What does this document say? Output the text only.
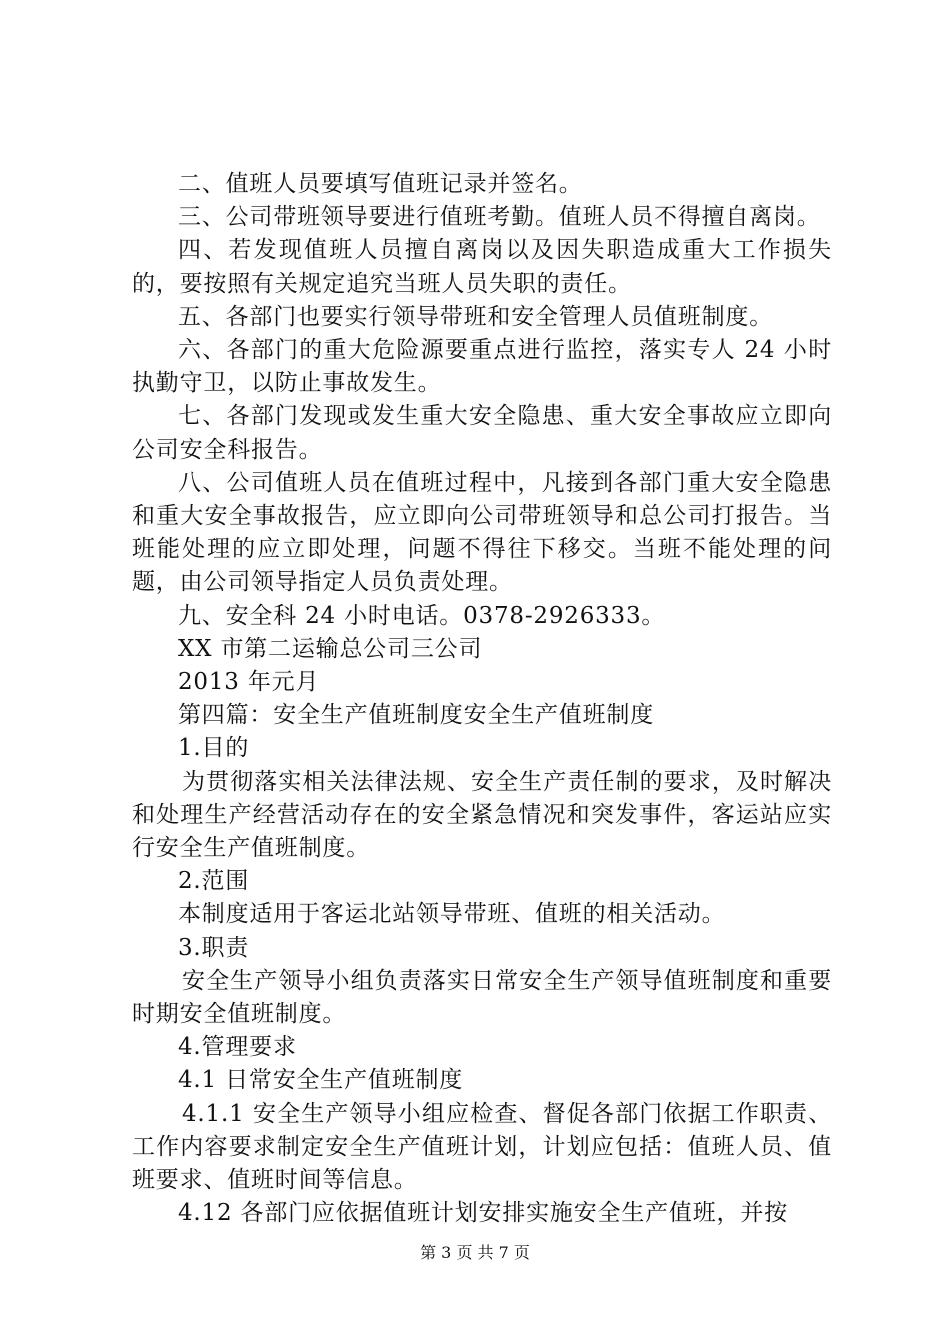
二、值班人员要填写值班记录并签名。

三、公司带班领导要进行值班考勤。值班人员不得擅自离岗。

四、若发现值班人员擅自离岗以及因失职造成重大工作损失的，要按照有关规定追究当班人员失职的责任。

五、各部门也要实行领导带班和安全管理人员值班制度。

六、各部门的重大危险源要重点进行监控，落实专人 24 小时执勤守卫，以防止事故发生。

七、各部门发现或发生重大安全隐患、重大安全事故应立即向公司安全科报告。

八、公司值班人员在值班过程中，凡接到各部门重大安全隐患和重大安全事故报告，应立即向公司带班领导和总公司打报告。当班能处理的应立即处理，问题不得往下移交。当班不能处理的问题，由公司领导指定人员负责处理。

九、安全科 24 小时电话。0378-2926333。

XX 市第二运输总公司三公司

2013 年元月

第四篇：安全生产值班制度安全生产值班制度

1.目的

为贯彻落实相关法律法规、安全生产责任制的要求，及时解决和处理生产经营活动存在的安全紧急情况和突发事件，客运站应实行安全生产值班制度。

2.范围

本制度适用于客运北站领导带班、值班的相关活动。

3.职责

安全生产领导小组负责落实日常安全生产领导值班制度和重要时期安全值班制度。

4.管理要求

4.1 日常安全生产值班制度

4.1.1 安全生产领导小组应检查、督促各部门依据工作职责、工作内容要求制定安全生产值班计划，计划应包括：值班人员、值班要求、值班时间等信息。

4.12 各部门应依据值班计划安排实施安全生产值班，并按

第 3 页 共 7 页
